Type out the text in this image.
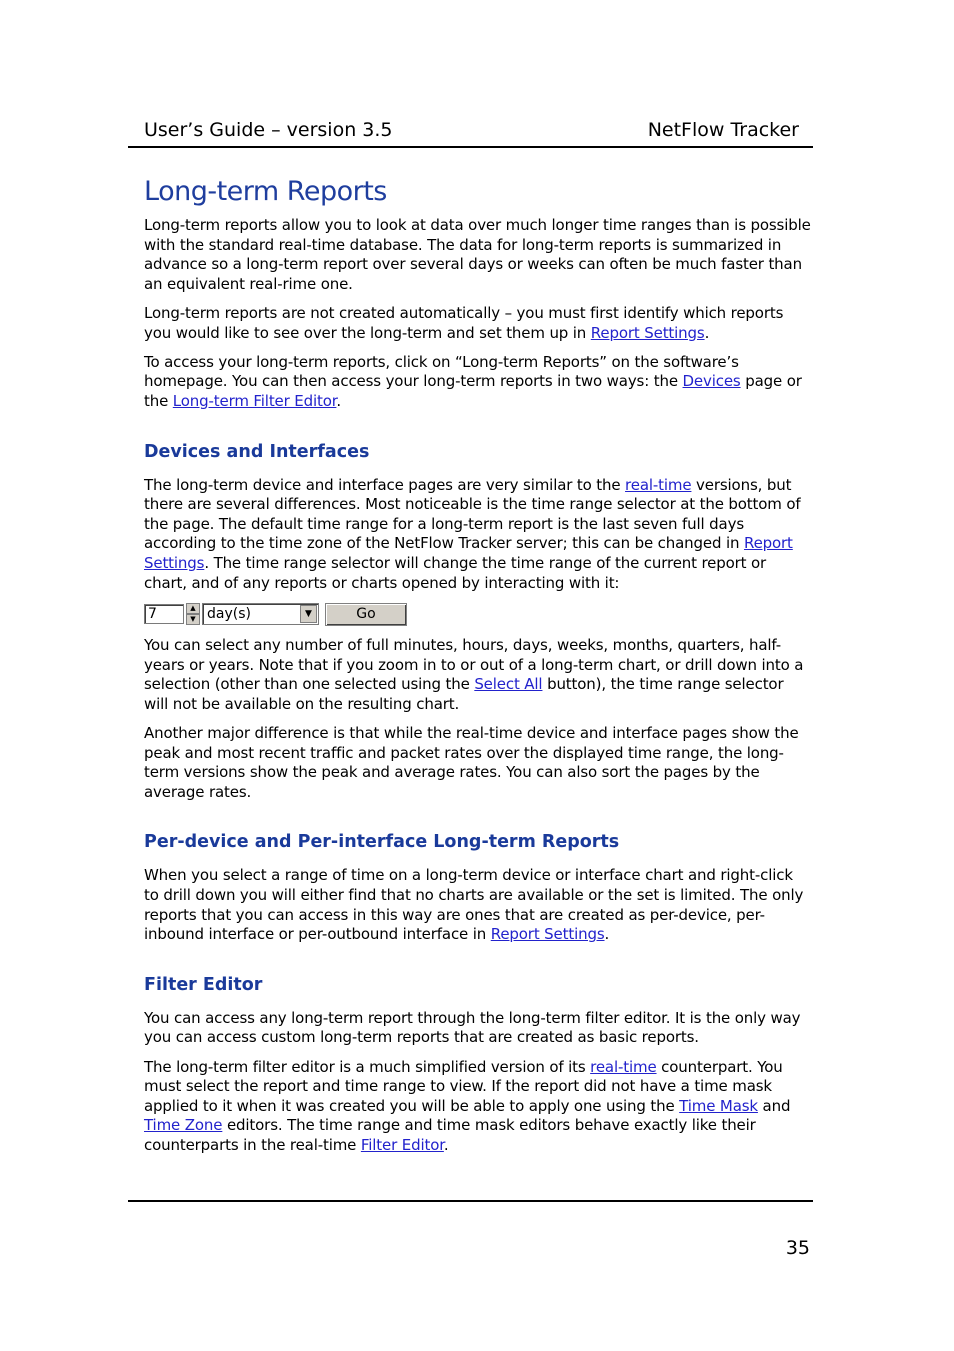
User’s Guide – version 3.5	NetFlow Tracker
Long-term Reports

Long-term reports allow you to look at data over much longer time ranges than is possible with the standard real-time database. The data for long-term reports is summarized in advance so a long-term report over several days or weeks can often be much faster than an equivalent real-rime one.

Long-term reports are not created automatically – you must first identify which reports you would like to see over the long-term and set them up in Report Settings.

To access your long-term reports, click on “Long-term Reports” on the software’s homepage. You can then access your long-term reports in two ways: the Devices page or the Long-term Filter Editor.

Devices and Interfaces

The long-term device and interface pages are very similar to the real-time versions, but there are several differences. Most noticeable is the time range selector at the bottom of the page. The default time range for a long-term report is the last seven full days according to the time zone of the NetFlow Tracker server; this can be changed in Report Settings. The time range selector will change the time range of the current report or chart, and of any reports or charts opened by interacting with it:

7	▲
▼ day(s)	▼	Go

You can select any number of full minutes, hours, days, weeks, months, quarters, half-years or years. Note that if you zoom in to or out of a long-term chart, or drill down into a selection (other than one selected using the Select All button), the time range selector will not be available on the resulting chart.

Another major difference is that while the real-time device and interface pages show the peak and most recent traffic and packet rates over the displayed time range, the long-term versions show the peak and average rates. You can also sort the pages by the average rates.

Per-device and Per-interface Long-term Reports

When you select a range of time on a long-term device or interface chart and right-click to drill down you will either find that no charts are available or the set is limited. The only reports that you can access in this way are ones that are created as per-device, per-inbound interface or per-outbound interface in Report Settings.

Filter Editor

You can access any long-term report through the long-term filter editor. It is the only way you can access custom long-term reports that are created as basic reports.

The long-term filter editor is a much simplified version of its real-time counterpart. You must select the report and time range to view. If the report did not have a time mask applied to it when it was created you will be able to apply one using the Time Mask and Time Zone editors. The time range and time mask editors behave exactly like their counterparts in the real-time Filter Editor.

35
